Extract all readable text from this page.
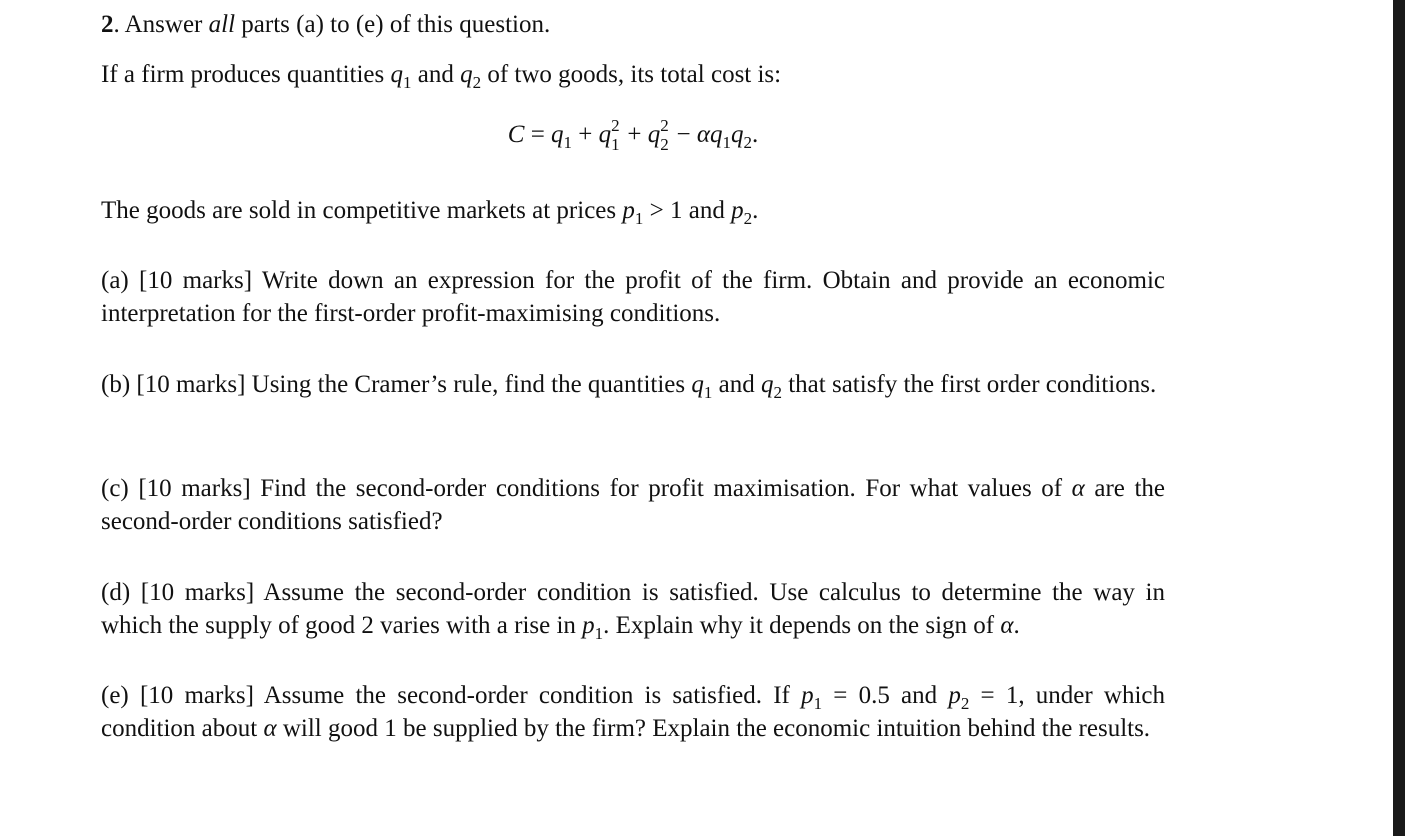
2. Answer all parts (a) to (e) of this question.

If a firm produces quantities $q_1$ and $q_2$ of two goods, its total cost is:

$C = q_1 + q$ 2
1 + q 2
$2 - \alpha q_1q_2$.

The goods are sold in competitive markets at prices $p_1 > 1$ and $p_2$.

(a) [10 marks] Write down an expression for the profit of the firm. Obtain and provide an economic interpretation for the first-order profit-maximising conditions.

(b) [10 marks] Using the Cramer’s rule, find the quantities $q_1$ and $q_2$ that satisfy the first order conditions.

(c) [10 marks] Find the second-order conditions for profit maximisation. For what values of α are the second-order conditions satisfied?

(d) [10 marks] Assume the second-order condition is satisfied. Use calculus to determine the way in which the supply of good 2 varies with a rise in $p_1$. Explain why it depends on the sign of α.

(e) [10 marks] Assume the second-order condition is satisfied. If $p_1 = 0.5$ and $p_2 = 1$, under which condition about α will good 1 be supplied by the firm? Explain the economic intuition behind the results.
